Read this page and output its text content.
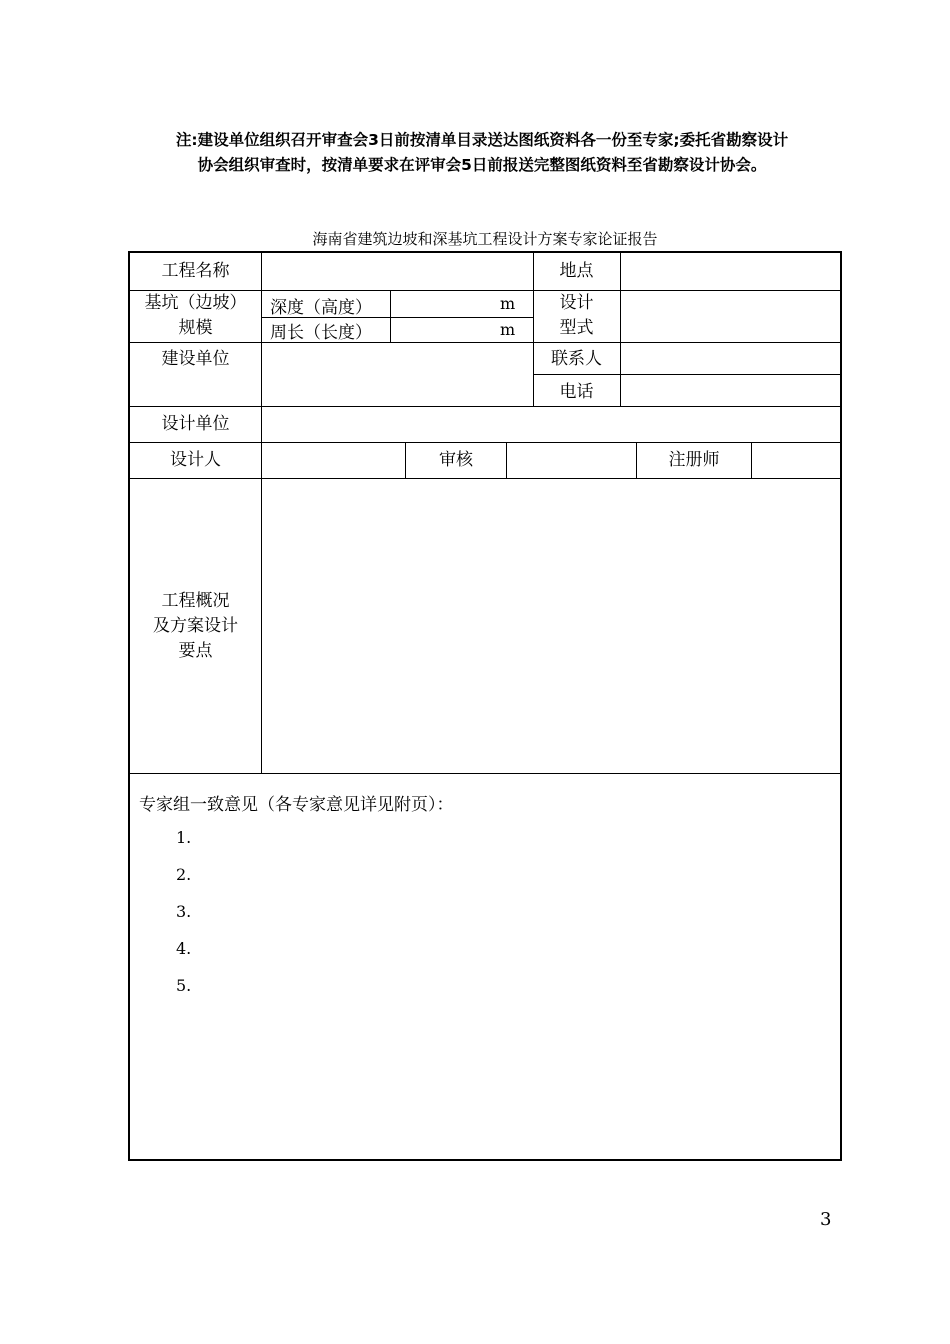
注:建设单位组织召开审查会3日前按清单目录送达图纸资料各一份至专家;委托省勘察设计
协会组织审查时，按清单要求在评审会5日前报送完整图纸资料至省勘察设计协会。
海南省建筑边坡和深基坑工程设计方案专家论证报告
工程名称	地点
基坑（边坡）
规模
深度（高度）	m
周长（长度）	m
设计
型式
建设单位	联系人
电话
设计单位
设计人	审核	注册师
工程概况
及方案设计
要点
专家组一致意见（各专家意见详见附页）：
1.
2.
3.
4.
5.
3
